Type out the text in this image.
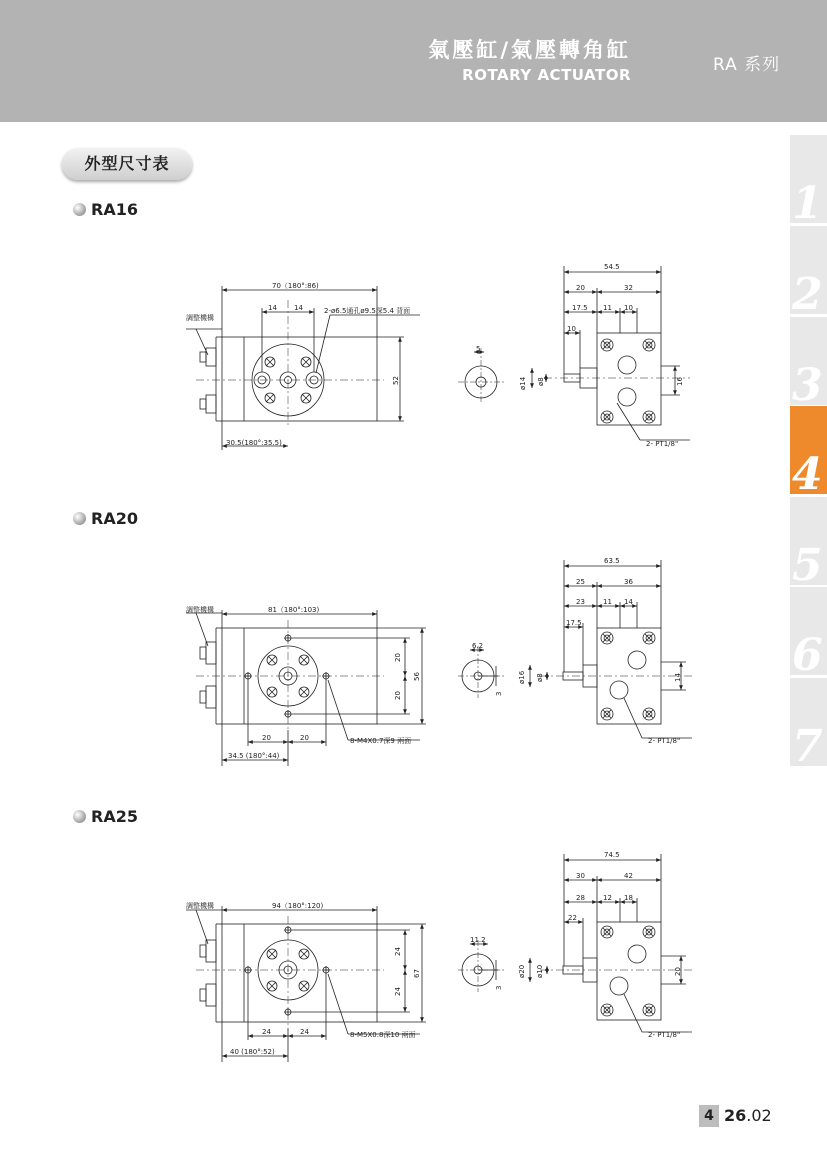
氣壓缸/氣壓轉角缸
ROTARY ACTUATOR	RA 系列
外型尺寸表
RA16
RA20
RA25
1
2
3
4
5
6
7
調整機構
70（180°:86)
14 14	2-ø6.5通孔ø9.5深5.4 背面
52
30.5(180°:35.5)
5
54.5
20	32
17.5 11 10
10
ø14 ø8	16
2- PT1/8"
調整機構	81（180°:103)
20
20
56
20	20	8-M4X0.7深9 兩面
34.5 (180°:44)
6.2
3
63.5
25	36
23	11 14
17.5
ø16 ø8	14
2- PT1/8"
調整機構	94（180°:120)
24
24
67
24	24	8-M5X0.8深10 兩面
40 (180°:52)
11.2
3
74.5
30	42
28	12 18
22
ø20 ø10	20
2- PT1/8"
4 26.02
